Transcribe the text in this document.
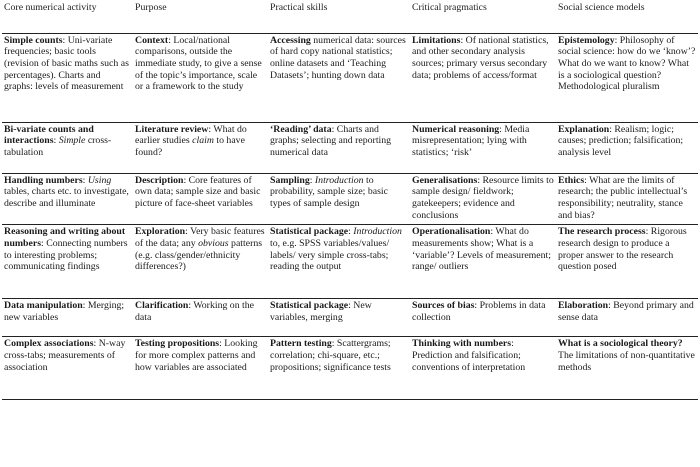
Core numerical activity	Purpose	Practical skills	Critical pragmatics	Social science models
Simple counts: Uni-variate frequencies; basic tools (revision of basic maths such as percentages). Charts and graphs: levels of measurement	Context: Local/national comparisons, outside the immediate study, to give a sense of the topic’s importance, scale or a framework to the study	Accessing numerical data: sources of hard copy national statistics; online datasets and ‘Teaching Datasets’; hunting down data	Limitations: Of national statistics, and other secondary analysis sources; primary versus secondary data; problems of access/format	Epistemology: Philosophy of social science: how do we ‘know’? What do we want to know? What is a sociological question? Methodological pluralism
Bi-variate counts and interactions: Simple cross-tabulation	Literature review: What do earlier studies claim to have found?	‘Reading’ data: Charts and graphs; selecting and reporting numerical data	Numerical reasoning: Media misrepresentation; lying with statistics; ‘risk’	Explanation: Realism; logic; causes; prediction; falsification; analysis level
Handling numbers: Using tables, charts etc. to investigate, describe and illuminate	Description: Core features of own data; sample size and basic picture of face-sheet variables	Sampling: Introduction to probability, sample size; basic types of sample design	Generalisations: Resource limits to sample design/ fieldwork; gatekeepers; evidence and conclusions	Ethics: What are the limits of research; the public intellectual’s responsibility; neutrality, stance and bias?
Reasoning and writing about numbers: Connecting numbers to interesting problems; communicating findings	Exploration: Very basic features of the data; any obvious patterns (e.g. class/gender/ethnicity differences?)	Statistical package: Introduction to, e.g. SPSS variables/values/ labels/ very simple cross-tabs; reading the output	Operationalisation: What do measurements show; What is a ‘variable’? Levels of measurement; range/ outliers	The research process: Rigorous research design to produce a proper answer to the research question posed
Data manipulation: Merging; new variables	Clarification: Working on the data	Statistical package: New variables, merging	Sources of bias: Problems in data collection	Elaboration: Beyond primary and sense data
Complex associations: N-way cross-tabs; measurements of association	Testing propositions: Looking for more complex patterns and how variables are associated	Pattern testing: Scattergrams; correlation; chi-square, etc.; propositions; significance tests	Thinking with numbers: Prediction and falsification; conventions of interpretation	What is a sociological theory? The limitations of non-quantitative methods
